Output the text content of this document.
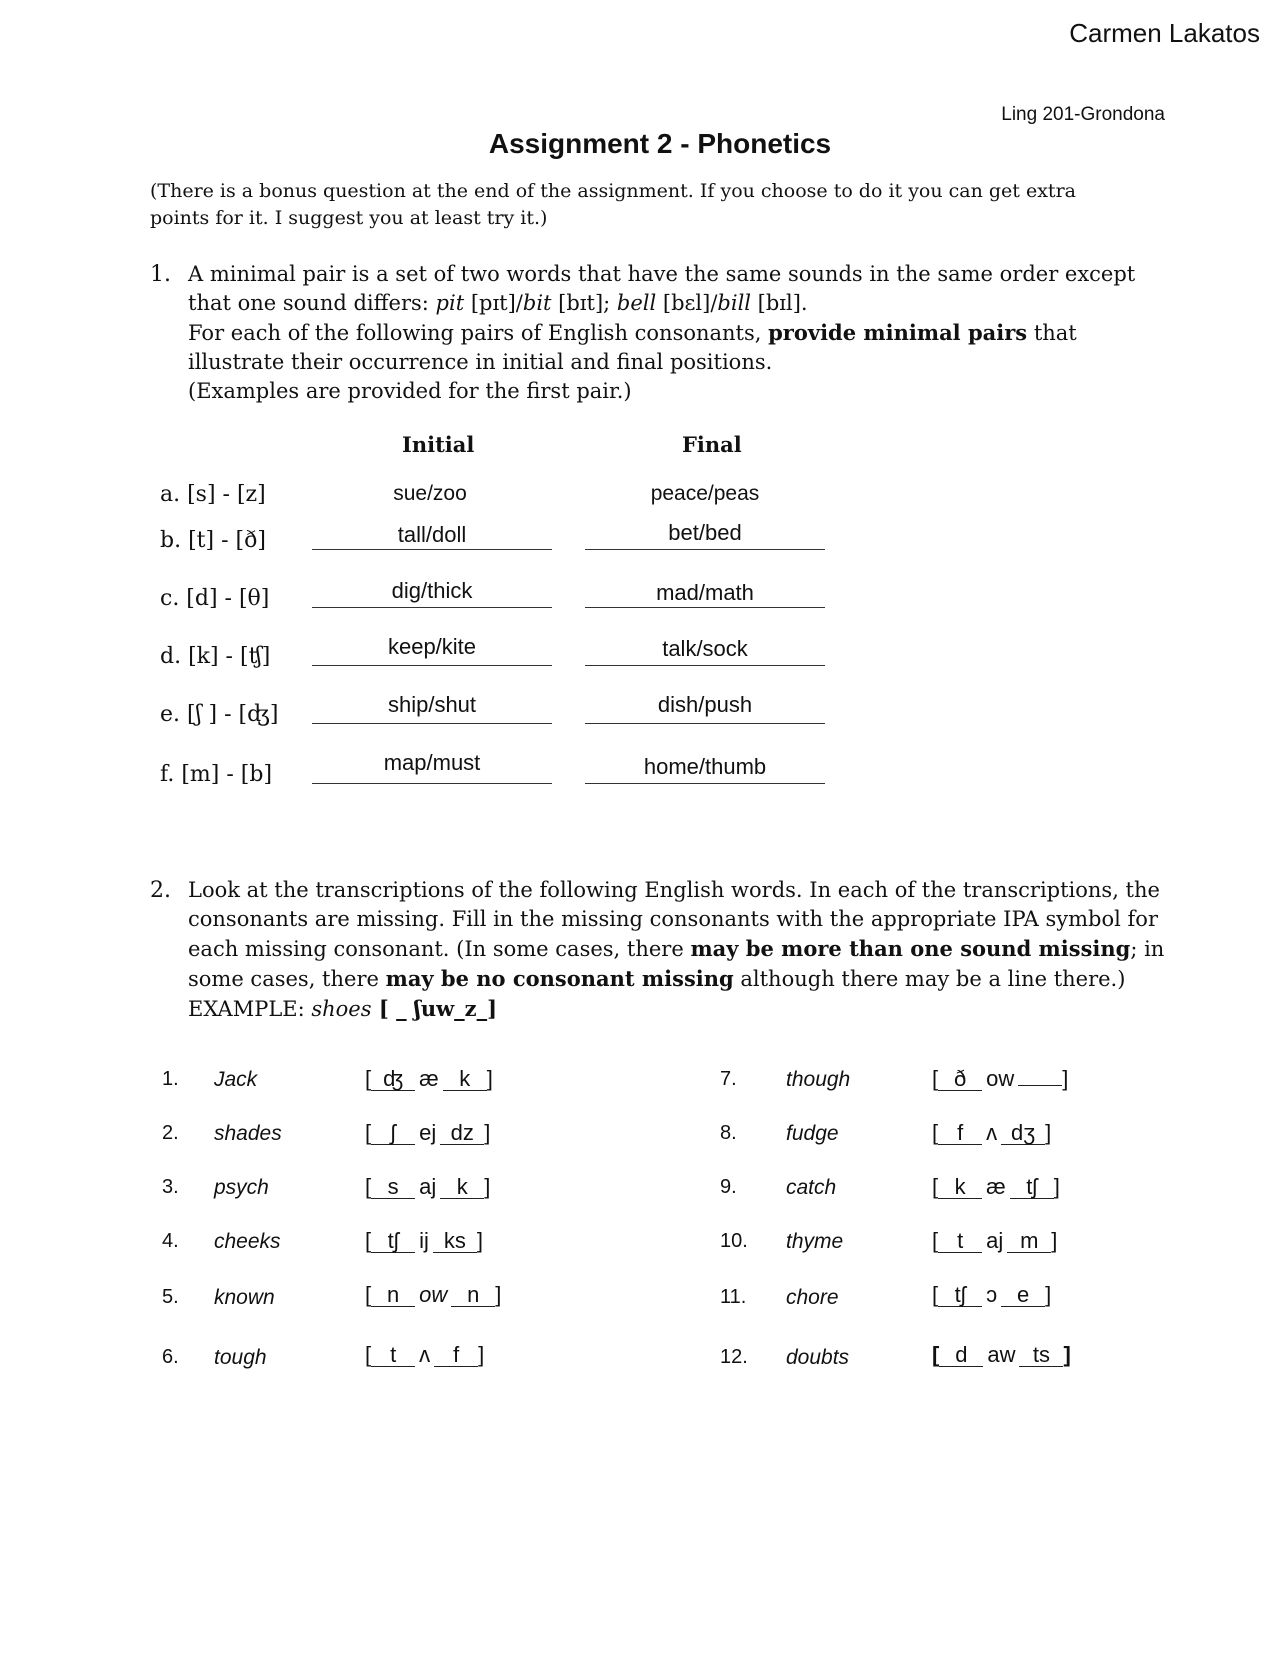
Carmen Lakatos
Ling 201-Grondona
Assignment 2 - Phonetics
(There is a bonus question at the end of the assignment. If you choose to do it you can get extra points for it. I suggest you at least try it.)
1. A minimal pair is a set of two words that have the same sounds in the same order except
that one sound differs: pit [pɪt]/bit [bɪt]; bell [bɛl]/bill [bɪl].
For each of the following pairs of English consonants, provide minimal pairs that
illustrate their occurrence in initial and final positions.
(Examples are provided for the first pair.)
Initial	Final
a. [s] - [z]	sue/zoo	peace/peas
b. [t] - [ð]	tall/doll	bet/bed
c. [d] - [θ]	dig/thick	mad/math
d. [k] - [ʧ]	keep/kite	talk/sock
e. [ʃ ] - [ʤ]	ship/shut	dish/push
f. [m] - [b]	map/must	home/thumb
2. Look at the transcriptions of the following English words. In each of the transcriptions, the
consonants are missing. Fill in the missing consonants with the appropriate IPA symbol for
each missing consonant. (In some cases, there may be more than one sound missing; in
some cases, there may be no consonant missing although there may be a line there.)
EXAMPLE: shoes [ _ ʃuw_z_]
1. Jack	[ ʤ æ k ]
2. shades	[ ʃ ej dz ]
3. psych	[ s aj k ]
4. cheeks	[ tʃ ij ks ]
5. known	[ n ow n ]
6. tough	[ t ʌ f ]
7. though	[ ð ow ]
8. fudge	[ f ʌ dʒ ]
9. catch	[ k æ tʃ ]
10. thyme	[ t aj m ]
11. chore	[ tʃ ɔ e ]
12. doubts	[ d aw ts ]
